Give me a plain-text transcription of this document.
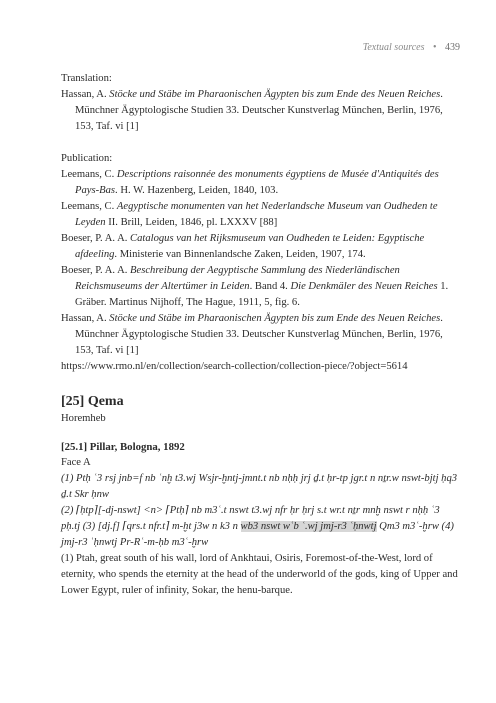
Textual sources • 439

Translation:

Hassan, A. Stöcke und Stäbe im Pharaonischen Ägypten bis zum Ende des Neuen Reiches. Münchner Ägyptologische Studien 33. Deutscher Kunstverlag München, Berlin, 1976, 153, Taf. vi [1]

Publication:

Leemans, C. Descriptions raisonnée des monuments égyptiens de Musée d'Antiquités des Pays-Bas. H. W. Hazenberg, Leiden, 1840, 103.

Leemans, C. Aegyptische monumenten van het Nederlandsche Museum van Oudheden te Leyden II. Brill, Leiden, 1846, pl. LXXXV [88]

Boeser, P. A. A. Catalogus van het Rijksmuseum van Oudheden te Leiden: Egyptische afdeeling. Ministerie van Binnenlandsche Zaken, Leiden, 1907, 174.

Boeser, P. A. A. Beschreibung der Aegyptische Sammlung des Niederländischen Reichsmuseums der Altertümer in Leiden. Band 4. Die Denkmäler des Neuen Reiches 1. Gräber. Martinus Nijhoff, The Hague, 1911, 5, fig. 6.

Hassan, A. Stöcke und Stäbe im Pharaonischen Ägypten bis zum Ende des Neuen Reiches. Münchner Ägyptologische Studien 33. Deutscher Kunstverlag München, Berlin, 1976, 153, Taf. vi [1]

https://www.rmo.nl/en/collection/search-collection/collection-piece/?object=5614

[25] Qema

Horemheb

[25.1] Pillar, Bologna, 1892

Face A

(1) Ptḥ ʿ3 rsj jnb=f nb ʿnḫ t3.wj Wsjr-ḫntj-jmnt.t nb nḥḥ jrj ḏ.t ḥr-tp jgr.t n nṯr.w nswt-bjtj ḥq3 ḏ.t Skr ḥnw

(2) ⌈ḥtp⌉[-dj-nswt] <n> ⌈Ptḥ⌉ nb m3ʿ.t nswt t3.wj nfr ḥr ḥrj s.t wr.t nṯr mnḫ nswt r nḥḥ ʿ3 pḥ.tj (3) [dj.f] ⌈qrs.t nfr.t⌉ m-ḫt j3w n k3 n wb3 nswt wʿb ʿ.wj jmj-r3 ʿḥnwtj Qm3 m3ʿ-ḫrw (4) jmj-r3 ʿḥnwtj Pr-Rʿ-m-ḥb m3ʿ-ḫrw

(1) Ptah, great south of his wall, lord of Ankhtaui, Osiris, Foremost-of-the-West, lord of eternity, who spends the eternity at the head of the underworld of the gods, king of Upper and Lower Egypt, ruler of infinity, Sokar, the henu-barque.
